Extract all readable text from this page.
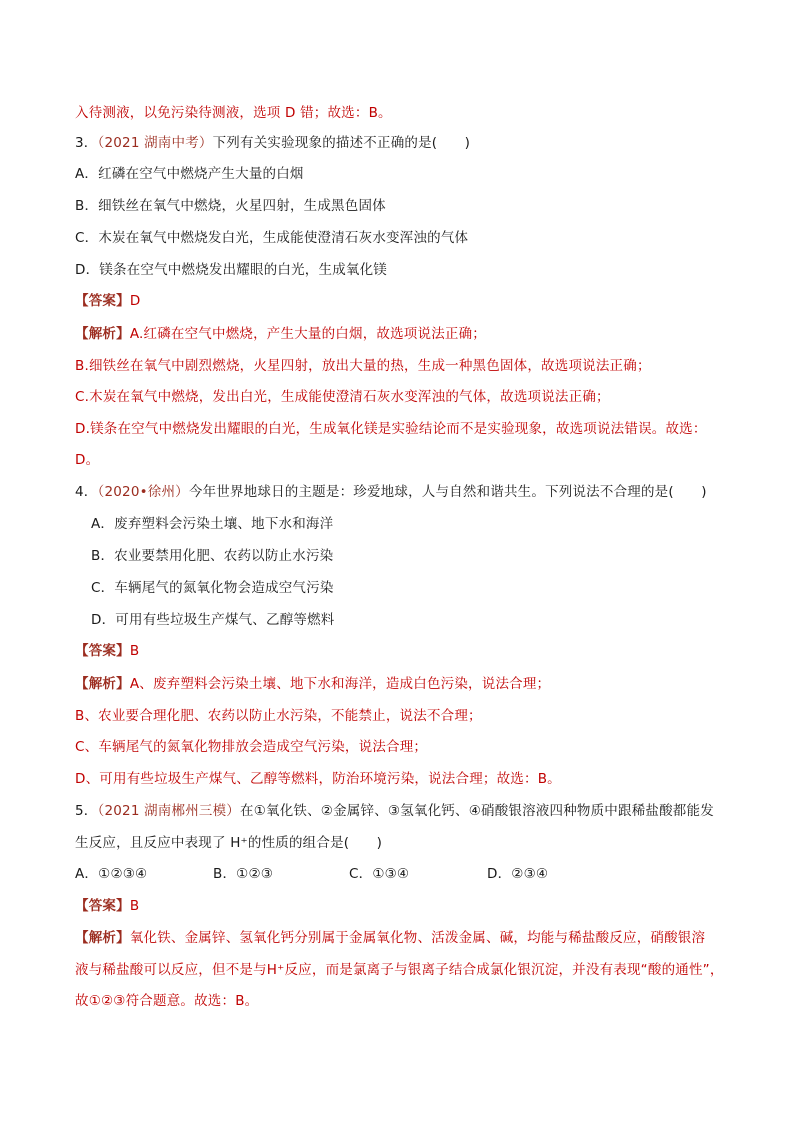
入待测液，以免污染待测液，选项 D 错；故选：B。
3．（2021 湖南中考）下列有关实验现象的描述不正确的是(　　)
A．红磷在空气中燃烧产生大量的白烟
B．细铁丝在氧气中燃烧，火星四射，生成黑色固体
C．木炭在氧气中燃烧发白光，生成能使澄清石灰水变浑浊的气体
D．镁条在空气中燃烧发出耀眼的白光，生成氧化镁
【答案】D
【解析】A.红磷在空气中燃烧，产生大量的白烟，故选项说法正确；
B.细铁丝在氧气中剧烈燃烧，火星四射，放出大量的热，生成一种黑色固体，故选项说法正确；
C.木炭在氧气中燃烧，发出白光，生成能使澄清石灰水变浑浊的气体，故选项说法正确；
D.镁条在空气中燃烧发出耀眼的白光，生成氧化镁是实验结论而不是实验现象，故选项说法错误。故选：
D。
4．（2020•徐州）今年世界地球日的主题是：珍爱地球，人与自然和谐共生。下列说法不合理的是(　　)
A．废弃塑料会污染土壤、地下水和海洋
B．农业要禁用化肥、农药以防止水污染
C．车辆尾气的氮氧化物会造成空气污染
D．可用有些垃圾生产煤气、乙醇等燃料
【答案】B
【解析】A、废弃塑料会污染土壤、地下水和海洋，造成白色污染，说法合理；
B、农业要合理化肥、农药以防止水污染，不能禁止，说法不合理；
C、车辆尾气的氮氧化物排放会造成空气污染，说法合理；
D、可用有些垃圾生产煤气、乙醇等燃料，防治环境污染，说法合理；故选：B。
5．（2021 湖南郴州三模）在①氧化铁、②金属锌、③氢氧化钙、④硝酸银溶液四种物质中跟稀盐酸都能发
生反应，且反应中表现了 H⁺的性质的组合是(　　)
A．①②③④	B．①②③	C．①③④	D．②③④
【答案】B
【解析】氧化铁、金属锌、氢氧化钙分别属于金属氧化物、活泼金属、碱，均能与稀盐酸反应，硝酸银溶
液与稀盐酸可以反应，但不是与H⁺反应，而是氯离子与银离子结合成氯化银沉淀，并没有表现“酸的通性”，
故①②③符合题意。故选：B。
